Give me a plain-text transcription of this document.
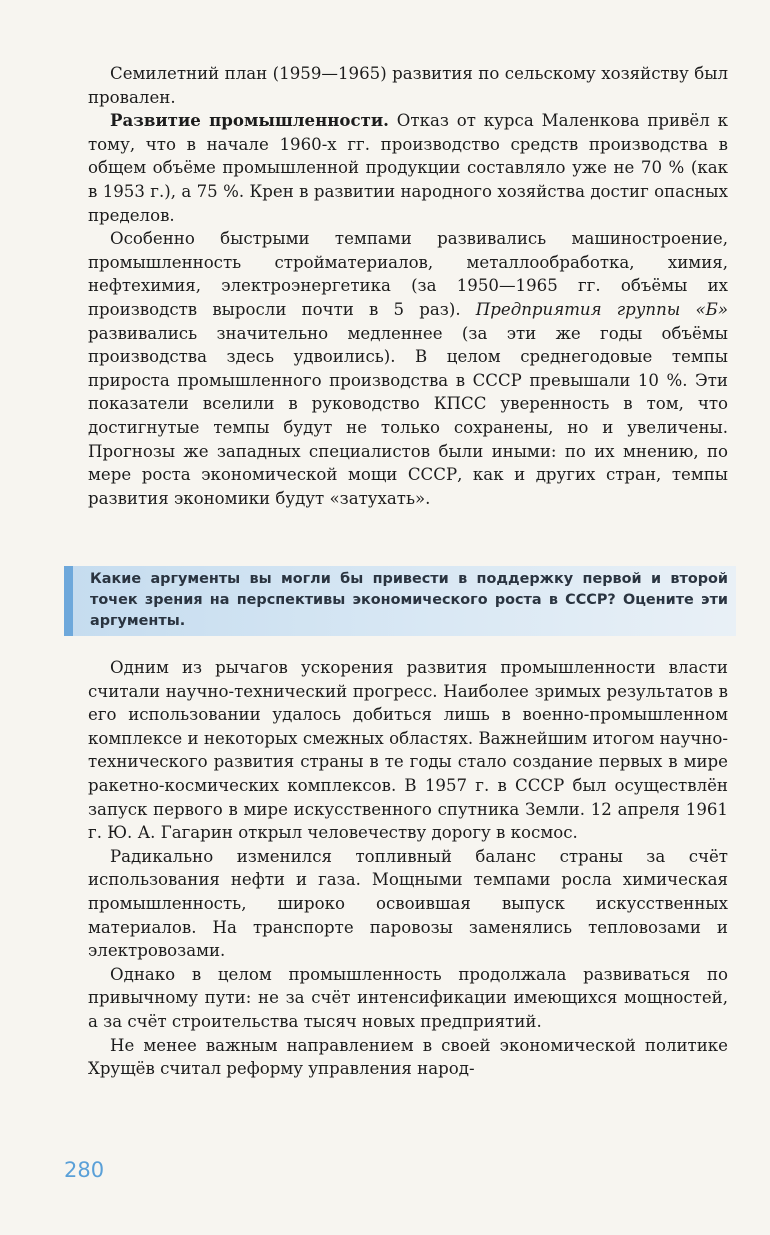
Семилетний план (1959—1965) развития по сельскому хозяйству был провален.

Развитие промышленности. Отказ от курса Маленкова привёл к тому, что в начале 1960-х гг. производство средств производства в общем объёме промышленной продукции составляло уже не 70 % (как в 1953 г.), а 75 %. Крен в развитии народного хозяйства достиг опасных пределов.

Особенно быстрыми темпами развивались машиностроение, промышленность стройматериалов, металлообработка, химия, нефтехимия, электроэнергетика (за 1950—1965 гг. объёмы их производств выросли почти в 5 раз). Предприятия группы «Б» развивались значительно медленнее (за эти же годы объёмы производства здесь удвоились). В целом среднегодовые темпы прироста промышленного производства в СССР превышали 10 %. Эти показатели вселили в руководство КПСС уверенность в том, что достигнутые темпы будут не только сохранены, но и увеличены. Прогнозы же западных специалистов были иными: по их мнению, по мере роста экономической мощи СССР, как и других стран, темпы развития экономики будут «затухать».

Какие аргументы вы могли бы привести в поддержку первой и второй точек зрения на перспективы экономического роста в СССР? Оцените эти аргументы.

Одним из рычагов ускорения развития промышленности власти считали научно-технический прогресс. Наиболее зримых результатов в его использовании удалось добиться лишь в военно-промышленном комплексе и некоторых смежных областях. Важнейшим итогом научно-технического развития страны в те годы стало создание первых в мире ракетно-космических комплексов. В 1957 г. в СССР был осуществлён запуск первого в мире искусственного спутника Земли. 12 апреля 1961 г. Ю. А. Гагарин открыл человечеству дорогу в космос.

Радикально изменился топливный баланс страны за счёт использования нефти и газа. Мощными темпами росла химическая промышленность, широко освоившая выпуск искусственных материалов. На транспорте паровозы заменялись тепловозами и электровозами.

Однако в целом промышленность продолжала развиваться по привычному пути: не за счёт интенсификации имеющихся мощностей, а за счёт строительства тысяч новых предприятий.

Не менее важным направлением в своей экономической политике Хрущёв считал реформу управления народ-

280
